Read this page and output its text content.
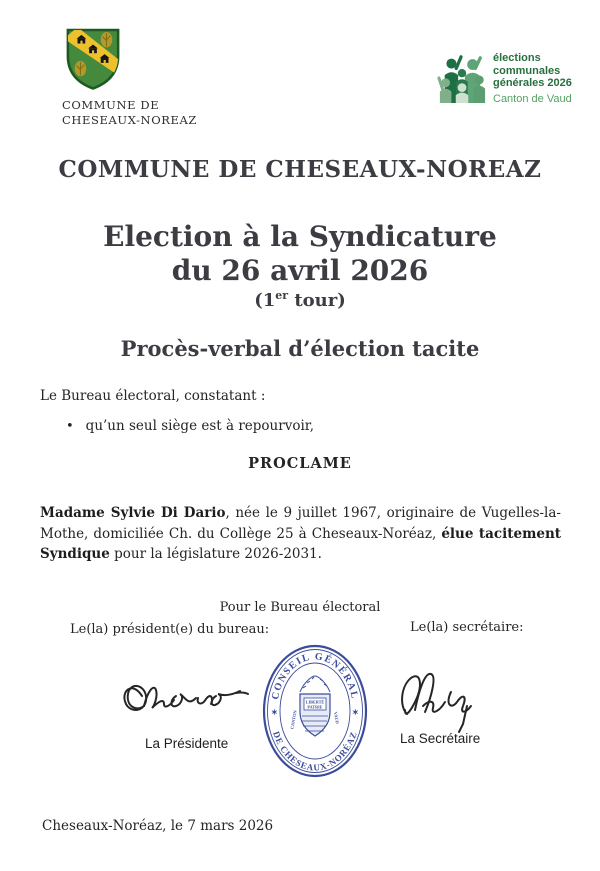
COMMUNE DE
CHESEAUX-NOREAZ
élections
communales
générales 2026
Canton de Vaud
COMMUNE DE CHESEAUX-NOREAZ
Election à la Syndicature
du 26 avril 2026
(1er tour)
Procès-verbal d’élection tacite
Le Bureau électoral, constatant :
• qu’un seul siège est à repourvoir,
PROCLAME
Madame Sylvie Di Dario, née le 9 juillet 1967, originaire de Vugelles-la-Mothe, domiciliée Ch. du Collège 25 à Cheseaux-Noréaz, élue tacitement Syndique pour la législature 2026-2031.
Pour le Bureau électoral
Le(la) président(e) du bureau:	Le(la) secrétaire:
CONSEIL GÉNÉRAL
DE CHESEAUX-NORÉAZ
✶	✶
LIBERTÉ
PATRIE
CANTON	VAUD
La Présidente	La Secrétaire
Cheseaux-Noréaz, le 7 mars 2026
